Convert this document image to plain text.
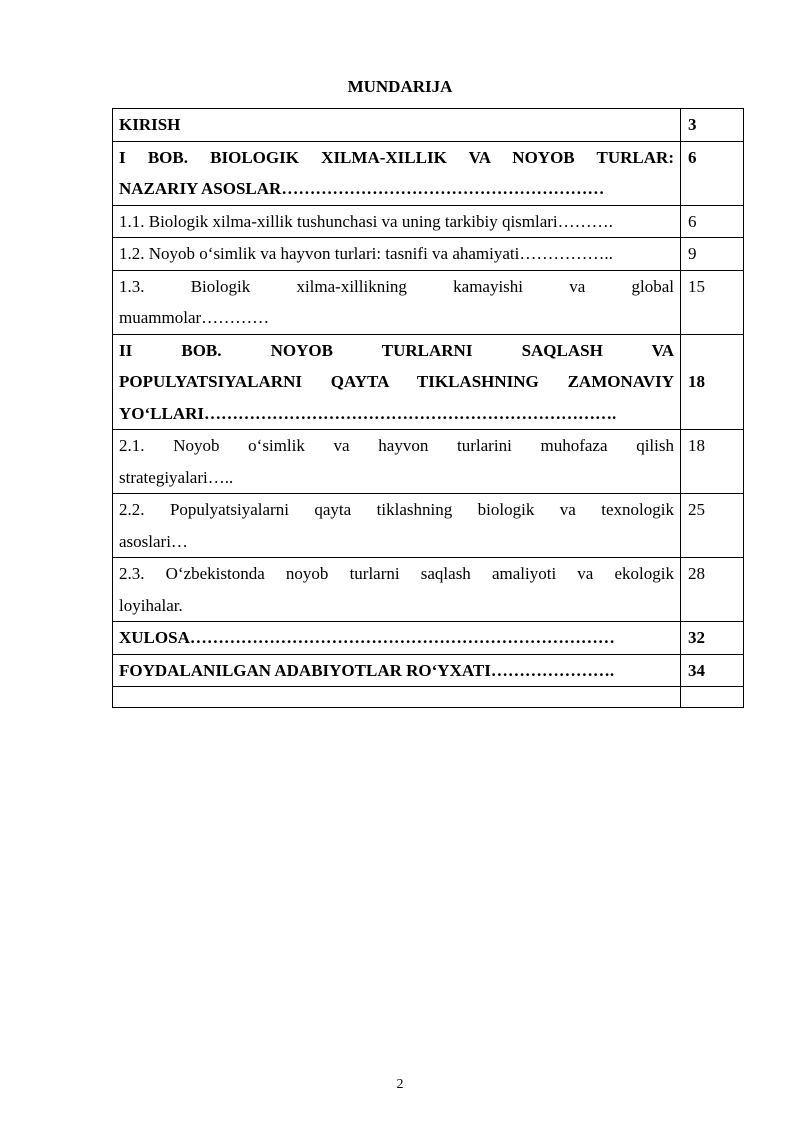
MUNDARIJA
KIRISH	3

I BOB. BIOLOGIK XILMA-XILLIK VA NOYOB TURLAR:
NAZARIY ASOSLAR…………………………………………………	6
1.1. Biologik xilma-xillik tushunchasi va uning tarkibiy qismlari……….	6
1.2. Noyob o‘simlik va hayvon turlari: tasnifi va ahamiyati……………..	9

1.3. Biologik xilma-xillikning kamayishi va global
muammolar…………	15

II BOB. NOYOB TURLARNI SAQLASH VA
POPULYATSIYALARNI QAYTA TIKLASHNING ZAMONAVIY
YO‘LLARI……………………………………………………………….	18

2.1. Noyob o‘simlik va hayvon turlarini muhofaza qilish
strategiyalari…..	18

2.2. Populyatsiyalarni qayta tiklashning biologik va texnologik
asoslari…	25

2.3. O‘zbekistonda noyob turlarni saqlash amaliyoti va ekologik
loyihalar.	28
XULOSA…………………………………………………………………	32
FOYDALANILGAN ADABIYOTLAR RO‘YXATI………………….	34

2
